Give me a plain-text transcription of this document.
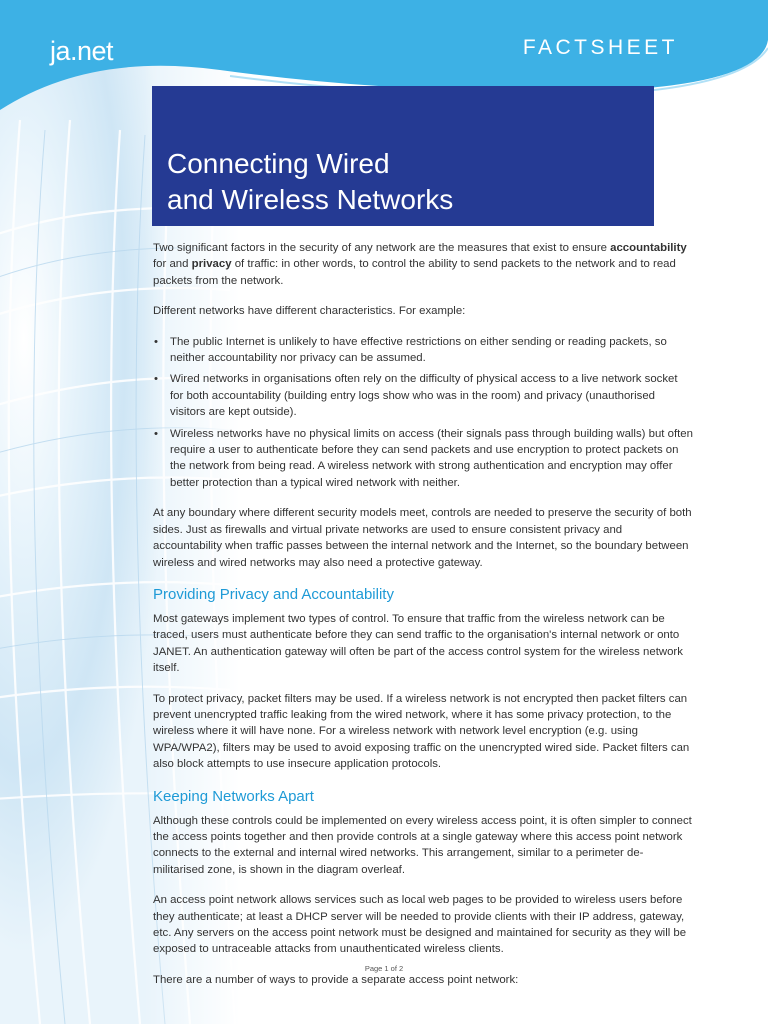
ja.net	FACTSHEET
Connecting Wired
and Wireless Networks

Two significant factors in the security of any network are the measures that exist to ensure accountability for and privacy of traffic: in other words, to control the ability to send packets to the network and to read packets from the network.

Different networks have different characteristics. For example:

• The public Internet is unlikely to have effective restrictions on either sending or reading packets, so neither accountability nor privacy can be assumed.
• Wired networks in organisations often rely on the difficulty of physical access to a live network socket for both accountability (building entry logs show who was in the room) and privacy (unauthorised visitors are kept outside).
• Wireless networks have no physical limits on access (their signals pass through building walls) but often require a user to authenticate before they can send packets and use encryption to protect packets on the network from being read. A wireless network with strong authentication and encryption may offer better protection than a typical wired network with neither.

At any boundary where different security models meet, controls are needed to preserve the security of both sides. Just as firewalls and virtual private networks are used to ensure consistent privacy and accountability when traffic passes between the internal network and the Internet, so the boundary between wireless and wired networks may also need a protective gateway.

Providing Privacy and Accountability

Most gateways implement two types of control. To ensure that traffic from the wireless network can be traced, users must authenticate before they can send traffic to the organisation's internal network or onto JANET. An authentication gateway will often be part of the access control system for the wireless network itself.

To protect privacy, packet filters may be used. If a wireless network is not encrypted then packet filters can prevent unencrypted traffic leaking from the wired network, where it has some privacy protection, to the wireless where it will have none. For a wireless network with network level encryption (e.g. using WPA/WPA2), filters may be used to avoid exposing traffic on the unencrypted wired side. Packet filters can also block attempts to use insecure application protocols.

Keeping Networks Apart

Although these controls could be implemented on every wireless access point, it is often simpler to connect the access points together and then provide controls at a single gateway where this access point network connects to the external and internal wired networks. This arrangement, similar to a perimeter de-militarised zone, is shown in the diagram overleaf.

An access point network allows services such as local web pages to be provided to wireless users before they authenticate; at least a DHCP server will be needed to provide clients with their IP address, gateway, etc. Any servers on the access point network must be designed and maintained for security as they will be exposed to untraceable attacks from unauthenticated wireless clients.

There are a number of ways to provide a separate access point network:

Page 1 of 2
